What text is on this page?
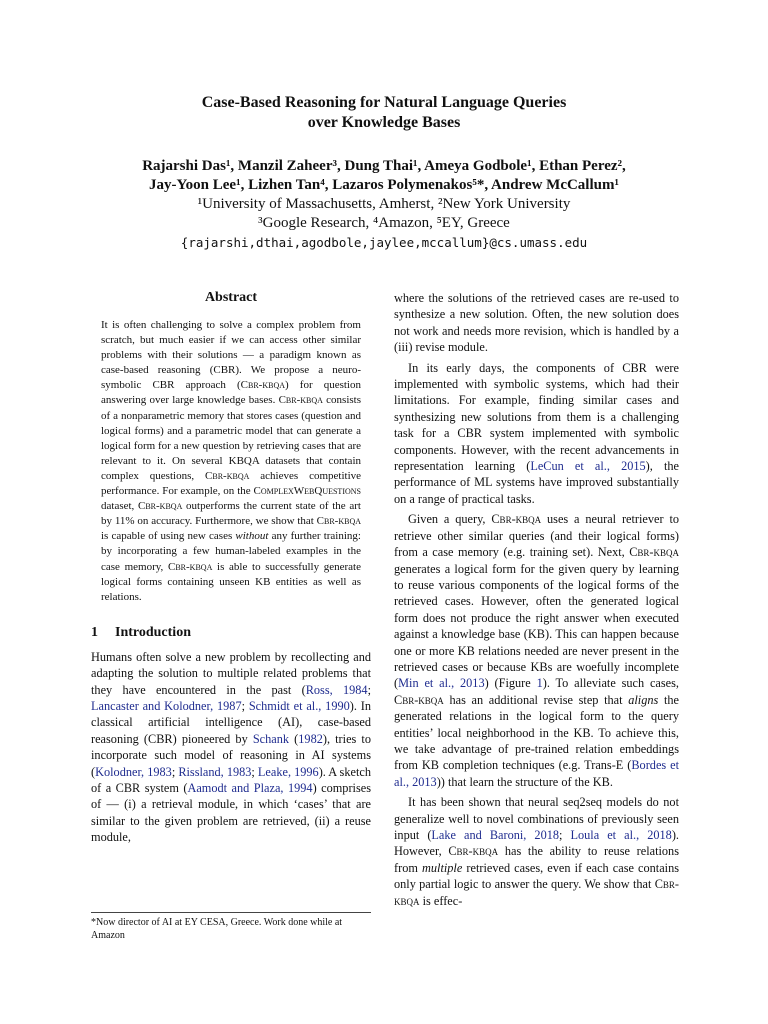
Case-Based Reasoning for Natural Language Queries
over Knowledge Bases
Rajarshi Das¹, Manzil Zaheer³, Dung Thai¹, Ameya Godbole¹, Ethan Perez²,
Jay-Yoon Lee¹, Lizhen Tan⁴, Lazaros Polymenakos⁵*, Andrew McCallum¹
¹University of Massachusetts, Amherst, ²New York University
³Google Research, ⁴Amazon, ⁵EY, Greece
{rajarshi,dthai,agodbole,jaylee,mccallum}@cs.umass.edu
Abstract

It is often challenging to solve a complex problem from scratch, but much easier if we can access other similar problems with their solutions — a paradigm known as case-based reasoning (CBR). We propose a neuro-symbolic CBR approach (Cbr-kbqa) for question answering over large knowledge bases. Cbr-kbqa consists of a nonparametric memory that stores cases (question and logical forms) and a parametric model that can generate a logical form for a new question by retrieving cases that are relevant to it. On several KBQA datasets that contain complex questions, Cbr-kbqa achieves competitive performance. For example, on the ComplexWebQuestions dataset, Cbr-kbqa outperforms the current state of the art by 11% on accuracy. Furthermore, we show that Cbr-kbqa is capable of using new cases without any further training: by incorporating a few human-labeled examples in the case memory, Cbr-kbqa is able to successfully generate logical forms containing unseen KB entities as well as relations.

1 Introduction

Humans often solve a new problem by recollecting and adapting the solution to multiple related problems that they have encountered in the past (Ross, 1984; Lancaster and Kolodner, 1987; Schmidt et al., 1990). In classical artificial intelligence (AI), case-based reasoning (CBR) pioneered by Schank (1982), tries to incorporate such model of reasoning in AI systems (Kolodner, 1983; Rissland, 1983; Leake, 1996). A sketch of a CBR system (Aamodt and Plaza, 1994) comprises of — (i) a retrieval module, in which ‘cases’ that are similar to the given problem are retrieved, (ii) a reuse module,

where the solutions of the retrieved cases are re-used to synthesize a new solution. Often, the new solution does not work and needs more revision, which is handled by a (iii) revise module.

In its early days, the components of CBR were implemented with symbolic systems, which had their limitations. For example, finding similar cases and synthesizing new solutions from them is a challenging task for a CBR system implemented with symbolic components. However, with the recent advancements in representation learning (LeCun et al., 2015), the performance of ML systems have improved substantially on a range of practical tasks.

Given a query, Cbr-kbqa uses a neural retriever to retrieve other similar queries (and their logical forms) from a case memory (e.g. training set). Next, Cbr-kbqa generates a logical form for the given query by learning to reuse various components of the logical forms of the retrieved cases. However, often the generated logical form does not produce the right answer when executed against a knowledge base (KB). This can happen because one or more KB relations needed are never present in the retrieved cases or because KBs are woefully incomplete (Min et al., 2013) (Figure 1). To alleviate such cases, Cbr-kbqa has an additional revise step that aligns the generated relations in the logical form to the query entities’ local neighborhood in the KB. To achieve this, we take advantage of pre-trained relation embeddings from KB completion techniques (e.g. Trans-E (Bordes et al., 2013)) that learn the structure of the KB.

It has been shown that neural seq2seq models do not generalize well to novel combinations of previously seen input (Lake and Baroni, 2018; Loula et al., 2018). However, Cbr-kbqa has the ability to reuse relations from multiple retrieved cases, even if each case contains only partial logic to answer the query. We show that Cbr-kbqa is effec-

*Now director of AI at EY CESA, Greece. Work done while at Amazon
